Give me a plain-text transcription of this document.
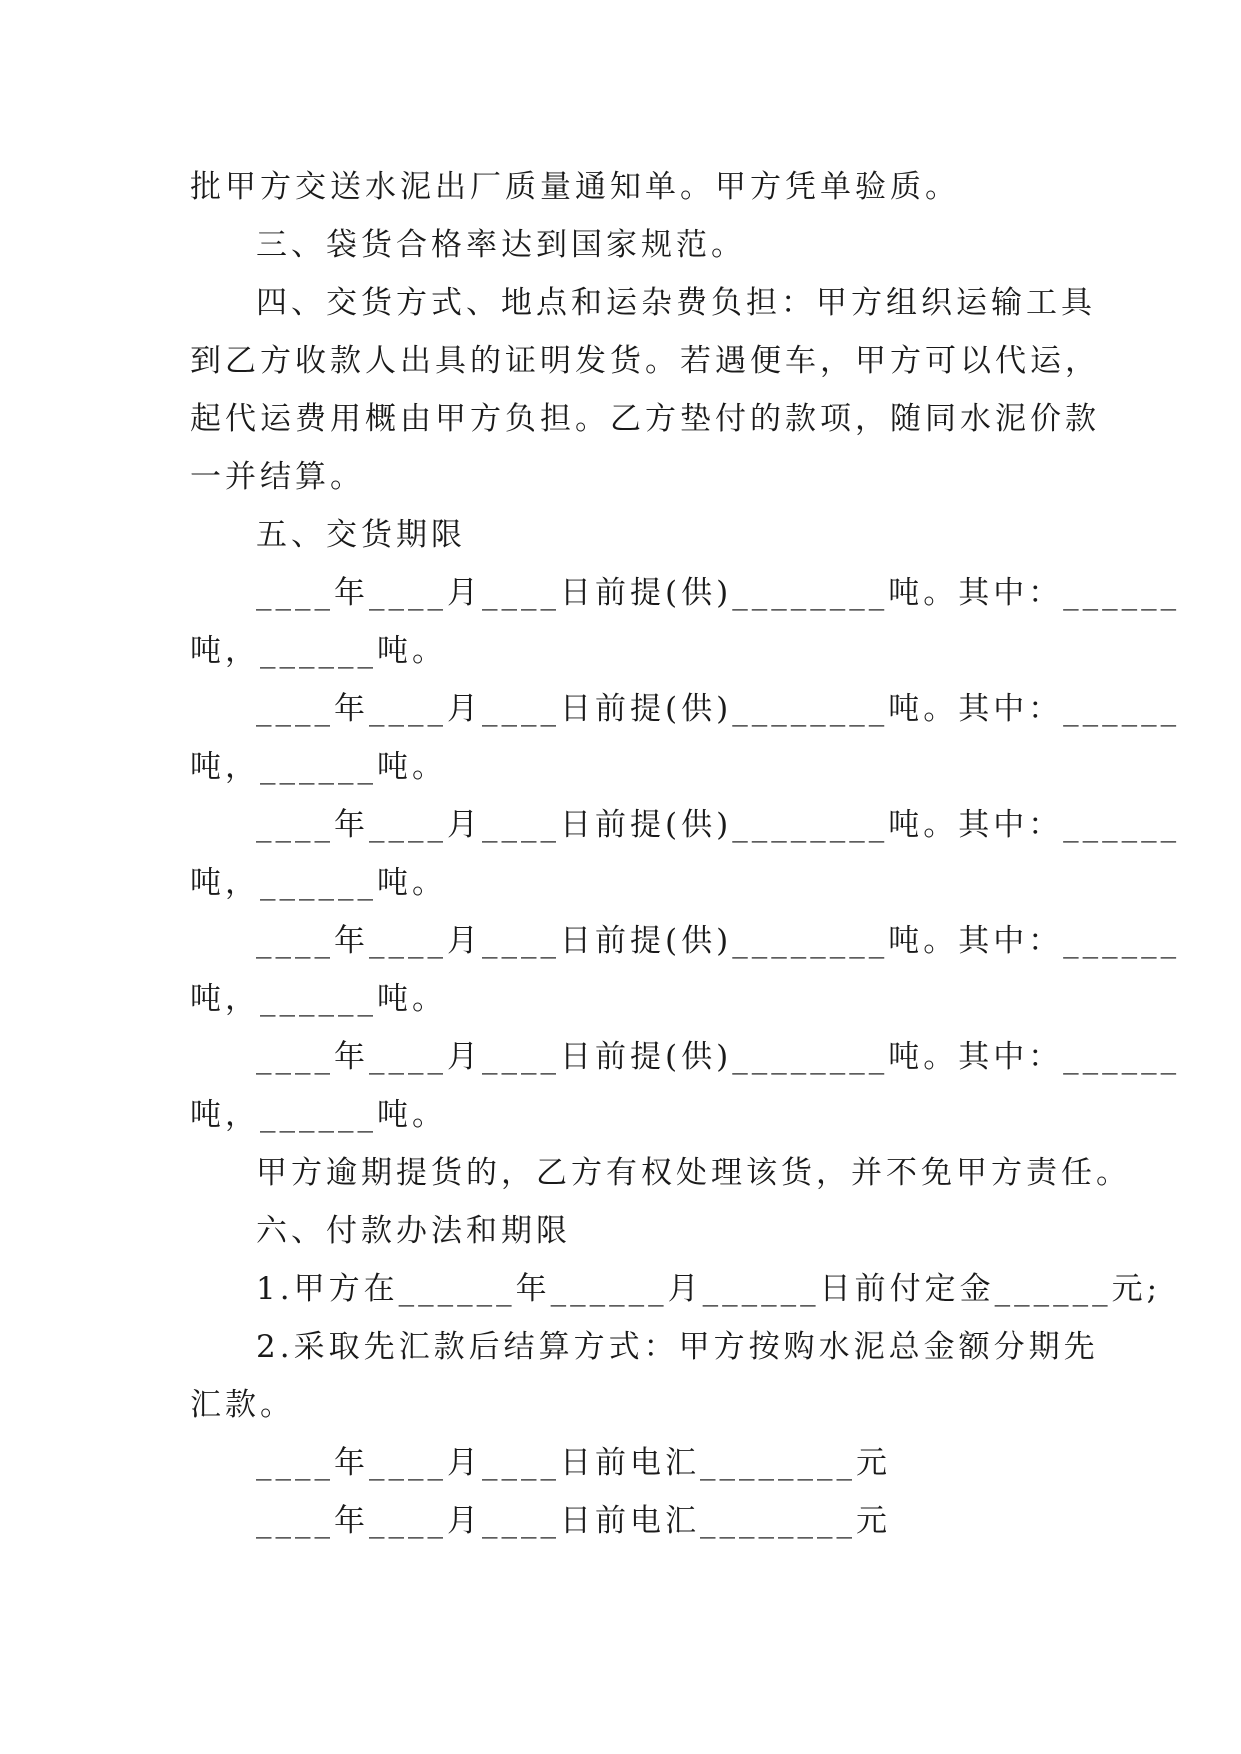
批甲方交送水泥出厂质量通知单。甲方凭单验质。

三、袋货合格率达到国家规范。

四、交货方式、地点和运杂费负担：甲方组织运输工具

到乙方收款人出具的证明发货。若遇便车，甲方可以代运，

起代运费用概由甲方负担。乙方垫付的款项，随同水泥价款

一并结算。

五、交货期限

____年____月____日前提(供)________吨。其中：______

吨，______吨。

____年____月____日前提(供)________吨。其中：______

吨，______吨。

____年____月____日前提(供)________吨。其中：______

吨，______吨。

____年____月____日前提(供)________吨。其中：______

吨，______吨。

____年____月____日前提(供)________吨。其中：______

吨，______吨。

甲方逾期提货的，乙方有权处理该货，并不免甲方责任。

六、付款办法和期限

1.甲方在______年______月______日前付定金______元;

2.采取先汇款后结算方式：甲方按购水泥总金额分期先

汇款。

____年____月____日前电汇________元

____年____月____日前电汇________元
